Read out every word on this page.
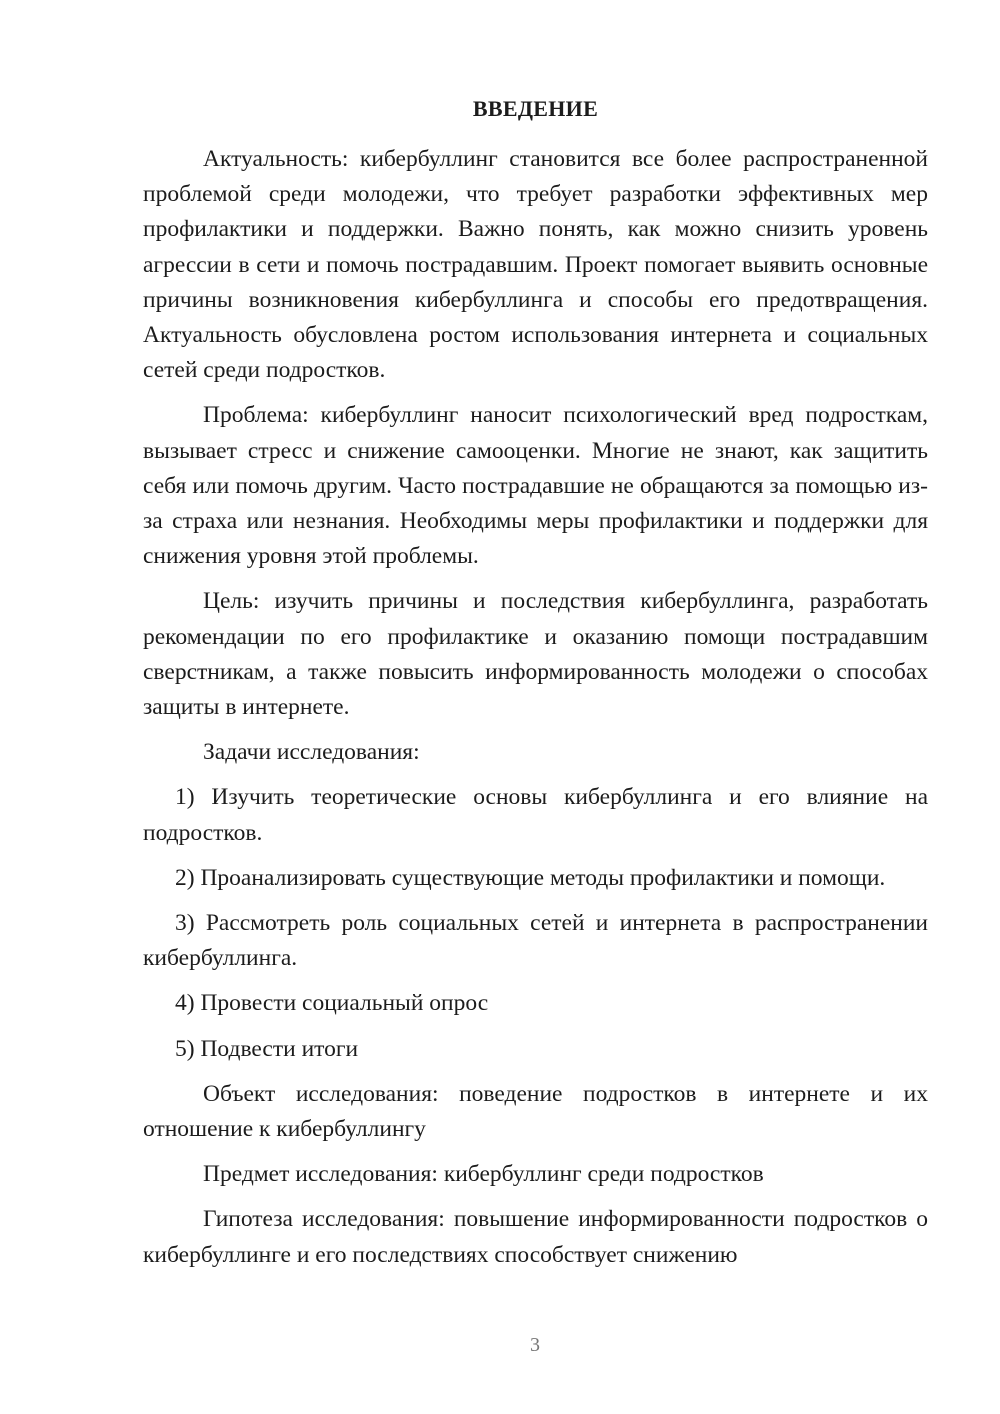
ВВЕДЕНИЕ

Актуальность: кибербуллинг становится все более распространенной проблемой среди молодежи, что требует разработки эффективных мер профилактики и поддержки. Важно понять, как можно снизить уровень агрессии в сети и помочь пострадавшим. Проект помогает выявить основные причины возникновения кибербуллинга и способы его предотвращения. Актуальность обусловлена ростом использования интернета и социальных сетей среди подростков.

Проблема: кибербуллинг наносит психологический вред подросткам, вызывает стресс и снижение самооценки. Многие не знают, как защитить себя или помочь другим. Часто пострадавшие не обращаются за помощью из-за страха или незнания. Необходимы меры профилактики и поддержки для снижения уровня этой проблемы.

Цель: изучить причины и последствия кибербуллинга, разработать рекомендации по его профилактике и оказанию помощи пострадавшим сверстникам, а также повысить информированность молодежи о способах защиты в интернете.

Задачи исследования:

1) Изучить теоретические основы кибербуллинга и его влияние на подростков.

2) Проанализировать существующие методы профилактики и помощи.

3) Рассмотреть роль социальных сетей и интернета в распространении кибербуллинга.

4) Провести социальный опрос

5) Подвести итоги

Объект исследования: поведение подростков в интернете и их отношение к кибербуллингу

Предмет исследования: кибербуллинг среди подростков

Гипотеза исследования: повышение информированности подростков о кибербуллинге и его последствиях способствует снижению

3
